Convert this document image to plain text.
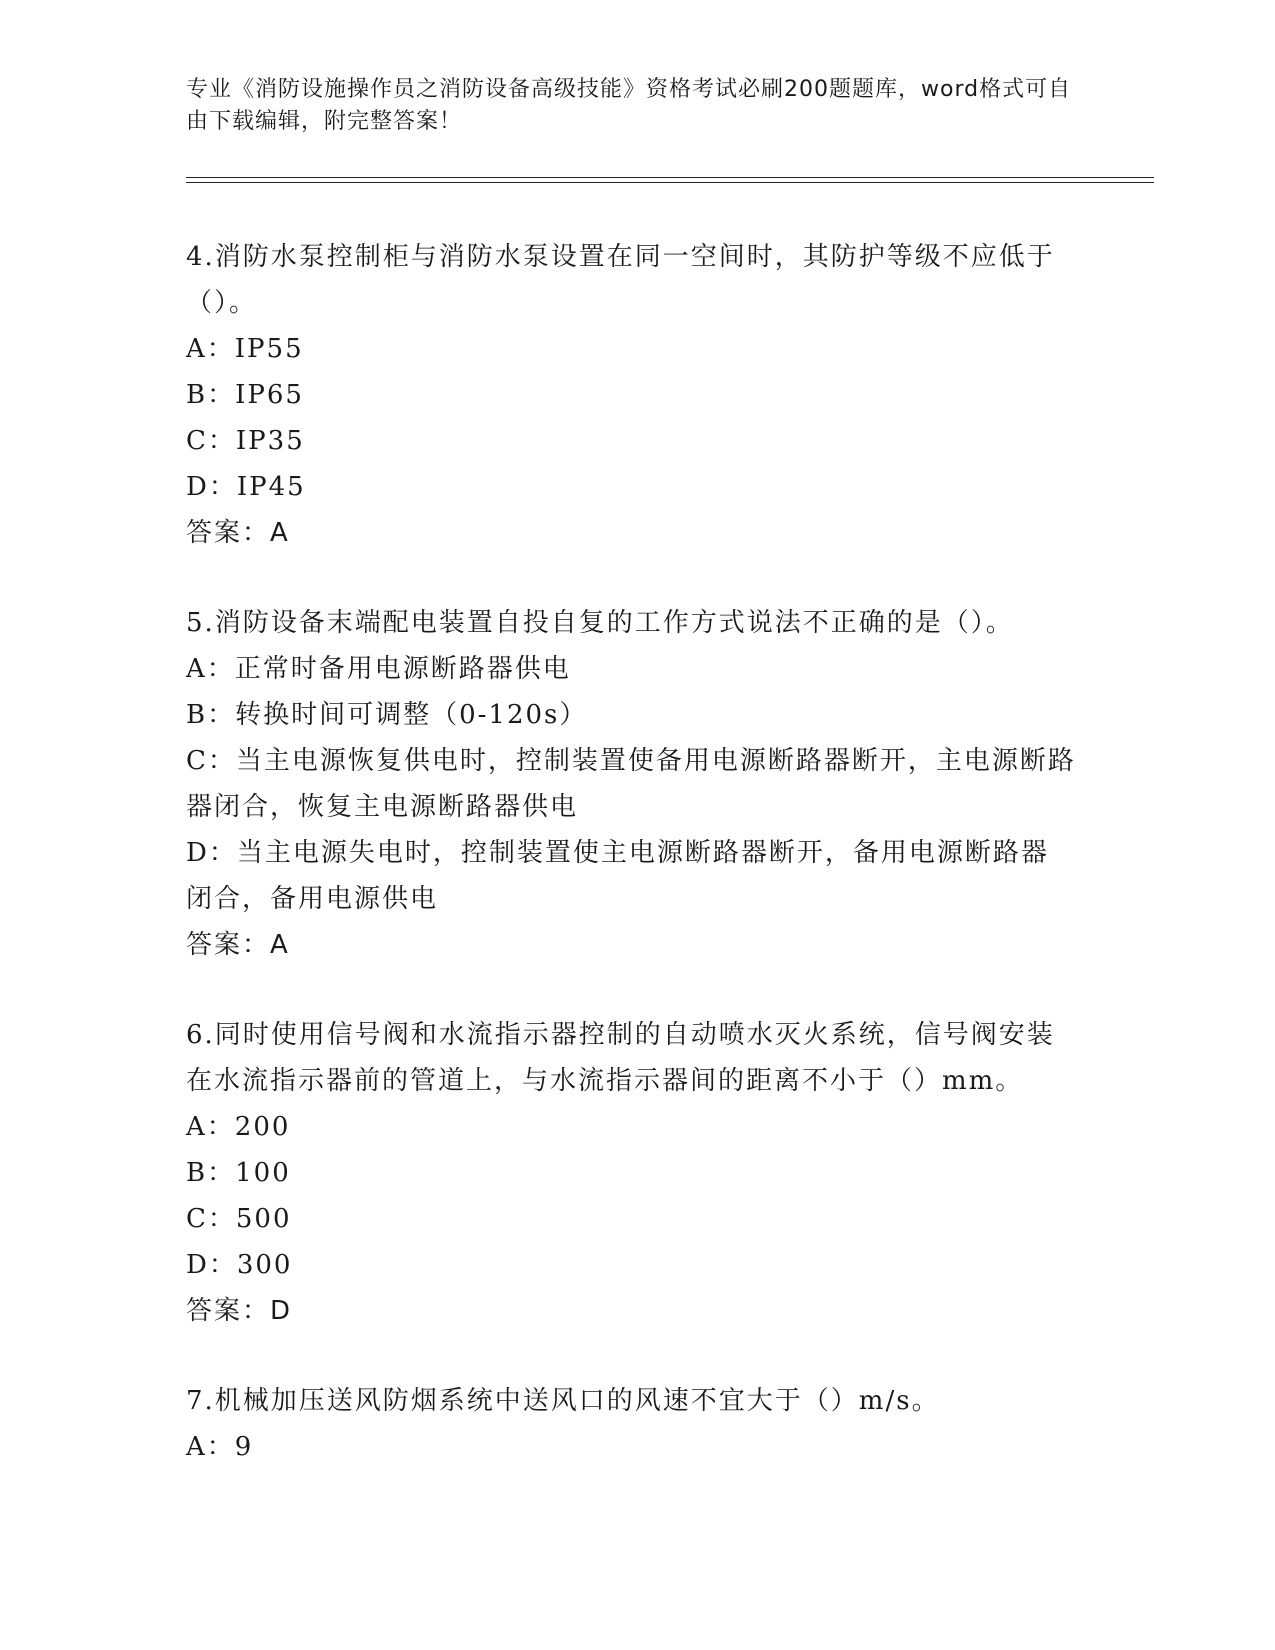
专业《消防设施操作员之消防设备高级技能》资格考试必刷200题题库，word格式可自由下载编辑，附完整答案！
4.消防水泵控制柜与消防水泵设置在同一空间时，其防护等级不应低于（）。
A：IP55
B：IP65
C：IP35
D：IP45
答案：A
5.消防设备末端配电装置自投自复的工作方式说法不正确的是（）。
A：正常时备用电源断路器供电
B：转换时间可调整（0-120s）
C：当主电源恢复供电时，控制装置使备用电源断路器断开，主电源断路器闭合，恢复主电源断路器供电
D：当主电源失电时，控制装置使主电源断路器断开，备用电源断路器闭合，备用电源供电
答案：A
6.同时使用信号阀和水流指示器控制的自动喷水灭火系统，信号阀安装在水流指示器前的管道上，与水流指示器间的距离不小于（）mm。
A：200
B：100
C：500
D：300
答案：D
7.机械加压送风防烟系统中送风口的风速不宜大于（）m/s。
A：9
